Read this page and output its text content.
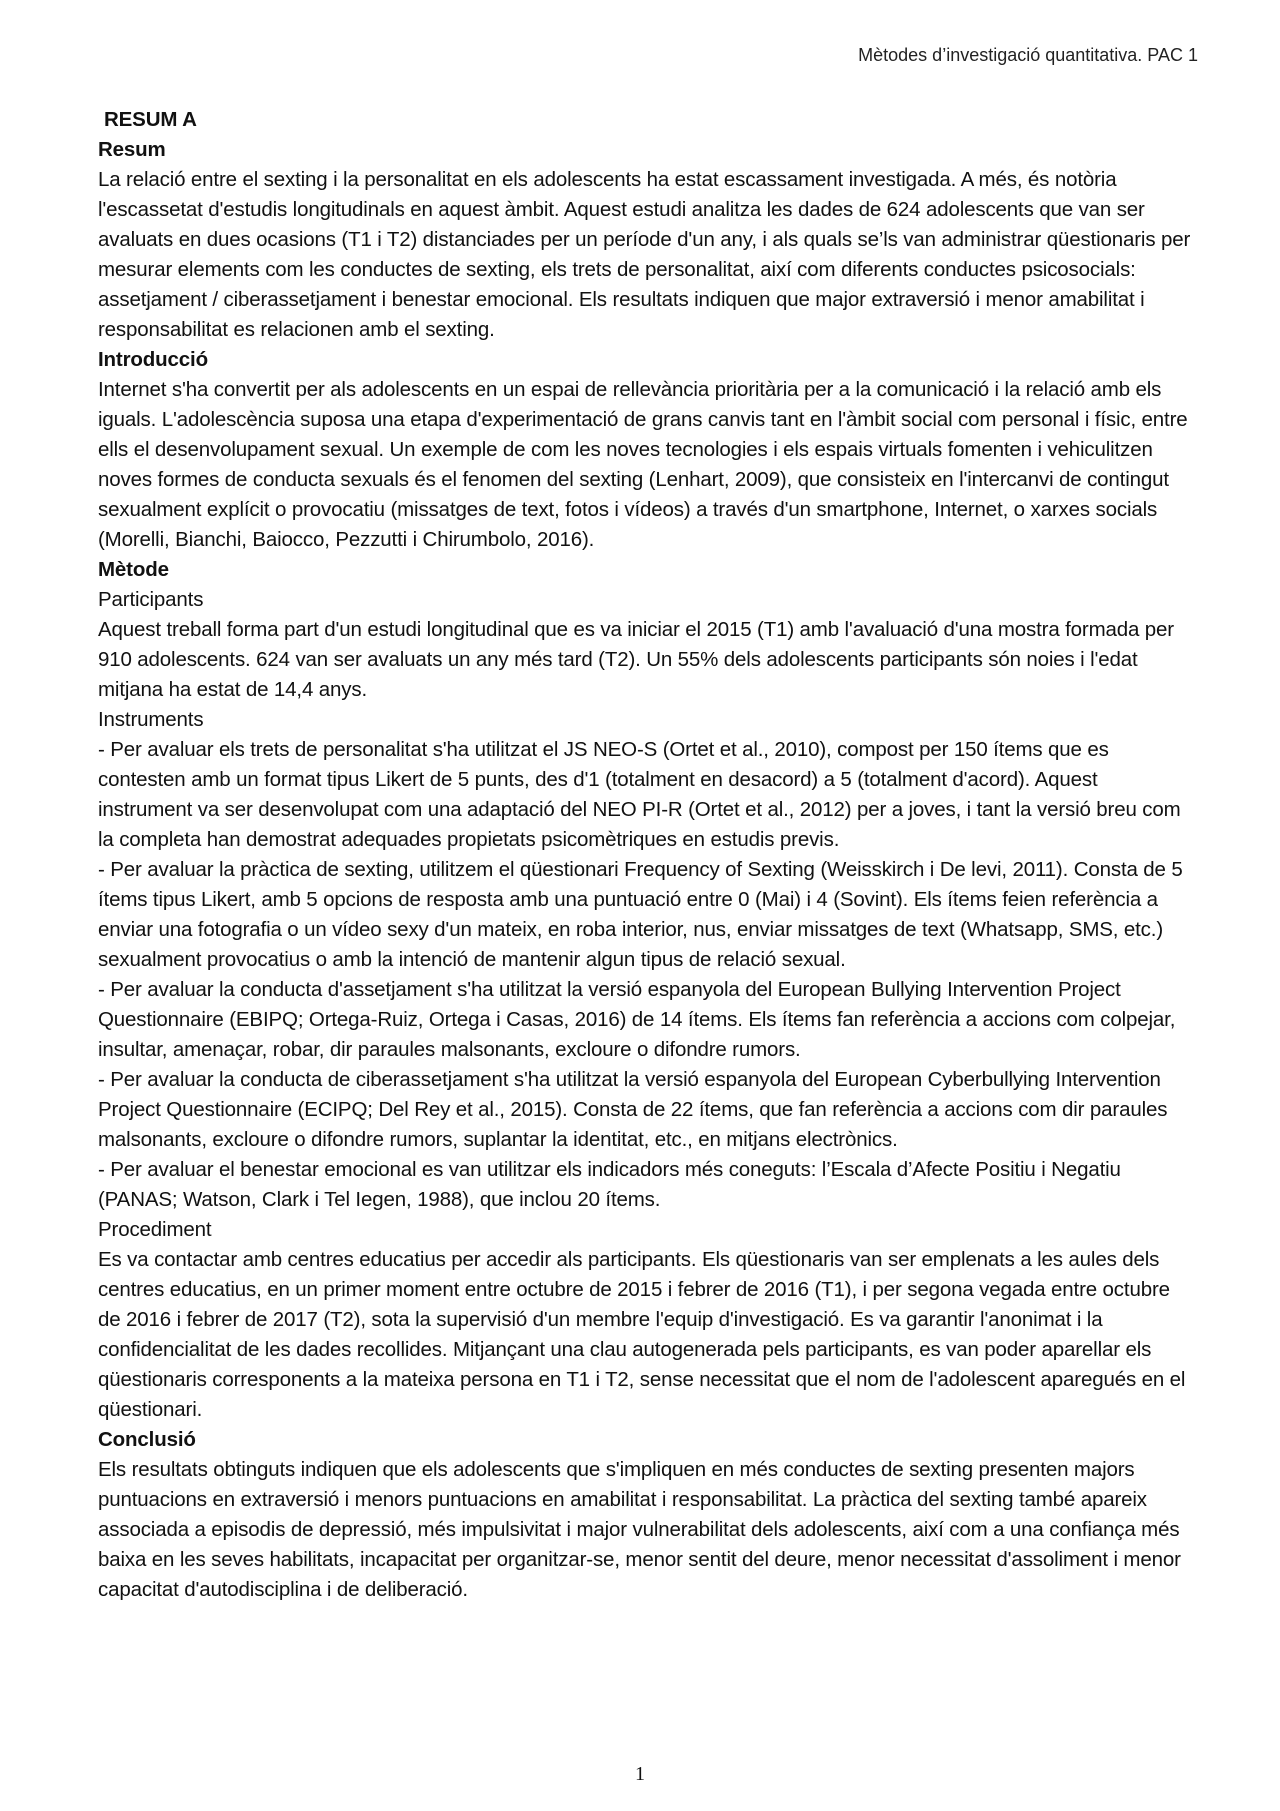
Mètodes d’investigació quantitativa. PAC 1

RESUM A

Resum

La relació entre el sexting i la personalitat en els adolescents ha estat escassament investigada. A més, és notòria l'escassetat d'estudis longitudinals en aquest àmbit. Aquest estudi analitza les dades de 624 adolescents que van ser avaluats en dues ocasions (T1 i T2) distanciades per un període d'un any, i als quals se’ls van administrar qüestionaris per mesurar elements com les conductes de sexting, els trets de personalitat, així com diferents conductes psicosocials: assetjament / ciberassetjament i benestar emocional. Els resultats indiquen que major extraversió i menor amabilitat i responsabilitat es relacionen amb el sexting.

Introducció

Internet s'ha convertit per als adolescents en un espai de rellevància prioritària per a la comunicació i la relació amb els iguals. L'adolescència suposa una etapa d'experimentació de grans canvis tant en l'àmbit social com personal i físic, entre ells el desenvolupament sexual. Un exemple de com les noves tecnologies i els espais virtuals fomenten i vehiculitzen noves formes de conducta sexuals és el fenomen del sexting (Lenhart, 2009), que consisteix en l'intercanvi de contingut sexualment explícit o provocatiu (missatges de text, fotos i vídeos) a través d'un smartphone, Internet, o xarxes socials (Morelli, Bianchi, Baiocco, Pezzutti i Chirumbolo, 2016).

Mètode

Participants

Aquest treball forma part d'un estudi longitudinal que es va iniciar el 2015 (T1) amb l'avaluació d'una mostra formada per 910 adolescents. 624 van ser avaluats un any més tard (T2). Un 55% dels adolescents participants són noies i l'edat mitjana ha estat de 14,4 anys.

Instruments

- Per avaluar els trets de personalitat s'ha utilitzat el JS NEO-S (Ortet et al., 2010), compost per 150 ítems que es contesten amb un format tipus Likert de 5 punts, des d'1 (totalment en desacord) a 5 (totalment d'acord). Aquest instrument va ser desenvolupat com una adaptació del NEO PI-R (Ortet et al., 2012) per a joves, i tant la versió breu com la completa han demostrat adequades propietats psicomètriques en estudis previs.

- Per avaluar la pràctica de sexting, utilitzem el qüestionari Frequency of Sexting (Weisskirch i De levi, 2011). Consta de 5 ítems tipus Likert, amb 5 opcions de resposta amb una puntuació entre 0 (Mai) i 4 (Sovint). Els ítems feien referència a enviar una fotografia o un vídeo sexy d'un mateix, en roba interior, nus, enviar missatges de text (Whatsapp, SMS, etc.) sexualment provocatius o amb la intenció de mantenir algun tipus de relació sexual.

- Per avaluar la conducta d'assetjament s'ha utilitzat la versió espanyola del European Bullying Intervention Project Questionnaire (EBIPQ; Ortega-Ruiz, Ortega i Casas, 2016) de 14 ítems. Els ítems fan referència a accions com colpejar, insultar, amenaçar, robar, dir paraules malsonants, excloure o difondre rumors.

- Per avaluar la conducta de ciberassetjament s'ha utilitzat la versió espanyola del European Cyberbullying Intervention Project Questionnaire (ECIPQ; Del Rey et al., 2015). Consta de 22 ítems, que fan referència a accions com dir paraules malsonants, excloure o difondre rumors, suplantar la identitat, etc., en mitjans electrònics.

- Per avaluar el benestar emocional es van utilitzar els indicadors més coneguts: l’Escala d’Afecte Positiu i Negatiu (PANAS; Watson, Clark i Tel Iegen, 1988), que inclou 20 ítems.

Procediment

Es va contactar amb centres educatius per accedir als participants. Els qüestionaris van ser emplenats a les aules dels centres educatius, en un primer moment entre octubre de 2015 i febrer de 2016 (T1), i per segona vegada entre octubre de 2016 i febrer de 2017 (T2), sota la supervisió d'un membre l'equip d'investigació. Es va garantir l'anonimat i la confidencialitat de les dades recollides. Mitjançant una clau autogenerada pels participants, es van poder aparellar els qüestionaris corresponents a la mateixa persona en T1 i T2, sense necessitat que el nom de l'adolescent aparegués en el qüestionari.

Conclusió

Els resultats obtinguts indiquen que els adolescents que s'impliquen en més conductes de sexting presenten majors puntuacions en extraversió i menors puntuacions en amabilitat i responsabilitat. La pràctica del sexting també apareix associada a episodis de depressió, més impulsivitat i major vulnerabilitat dels adolescents, així com a una confiança més baixa en les seves habilitats, incapacitat per organitzar-se, menor sentit del deure, menor necessitat d'assoliment i menor capacitat d'autodisciplina i de deliberació.

1
